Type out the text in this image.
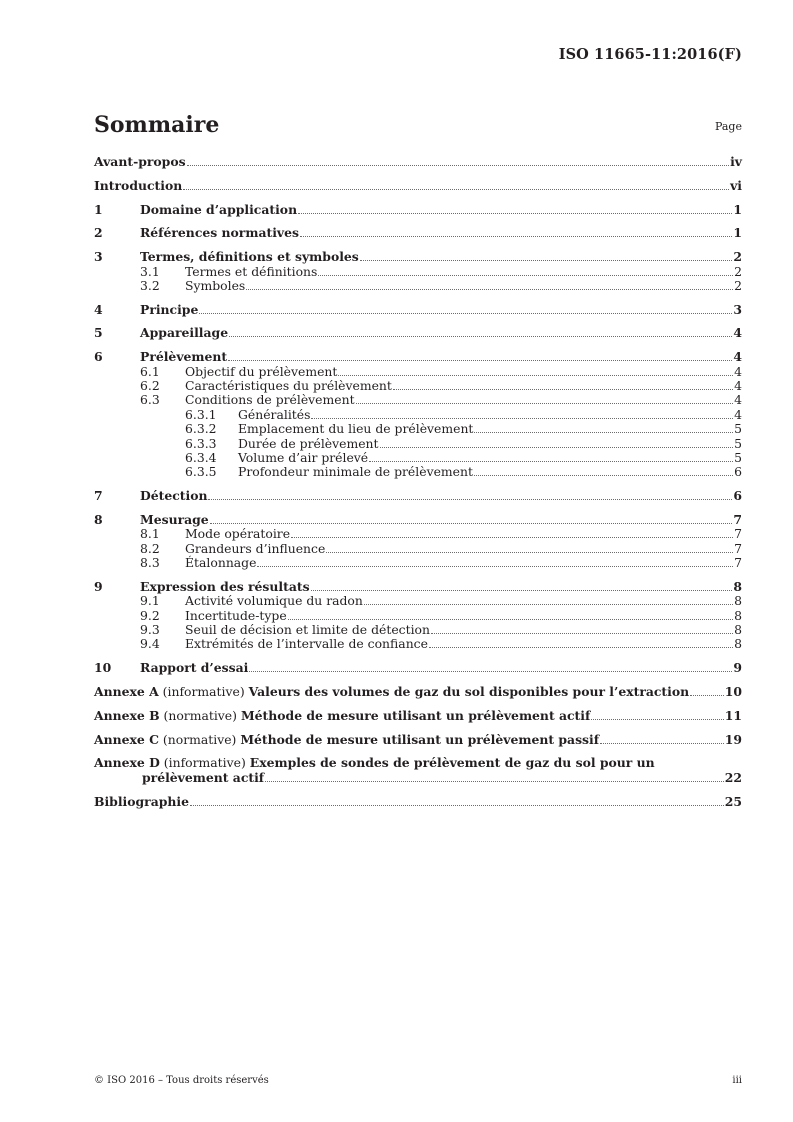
ISO 11665-11:2016(F)
Sommaire	Page
Avant-propos	iv
Introduction	vi
1	Domaine d’application	1
2	Références normatives	1
3	Termes, définitions et symboles	2
3.1 Termes et définitions	2
3.2 Symboles	2
4	Principe	3
5	Appareillage	4
6	Prélèvement	4
6.1 Objectif du prélèvement	4
6.2 Caractéristiques du prélèvement	4
6.3 Conditions de prélèvement	4
6.3.1 Généralités	4
6.3.2 Emplacement du lieu de prélèvement	5
6.3.3 Durée de prélèvement	5
6.3.4 Volume d’air prélevé	5
6.3.5 Profondeur minimale de prélèvement	6
7	Détection	6
8	Mesurage	7
8.1 Mode opératoire	7
8.2 Grandeurs d’influence	7
8.3 Étalonnage	7
9	Expression des résultats	8
9.1 Activité volumique du radon	8
9.2 Incertitude-type	8
9.3 Seuil de décision et limite de détection	8
9.4 Extrémités de l’intervalle de confiance	8
10 Rapport d’essai	9
Annexe A (informative) Valeurs des volumes de gaz du sol disponibles pour l’extraction	10
Annexe B (normative) Méthode de mesure utilisant un prélèvement actif	11
Annexe C (normative) Méthode de mesure utilisant un prélèvement passif	19
Annexe D (informative) Exemples de sondes de prélèvement de gaz du sol pour un
prélèvement actif	22
Bibliographie	25
© ISO 2016 – Tous droits réservés	iii
